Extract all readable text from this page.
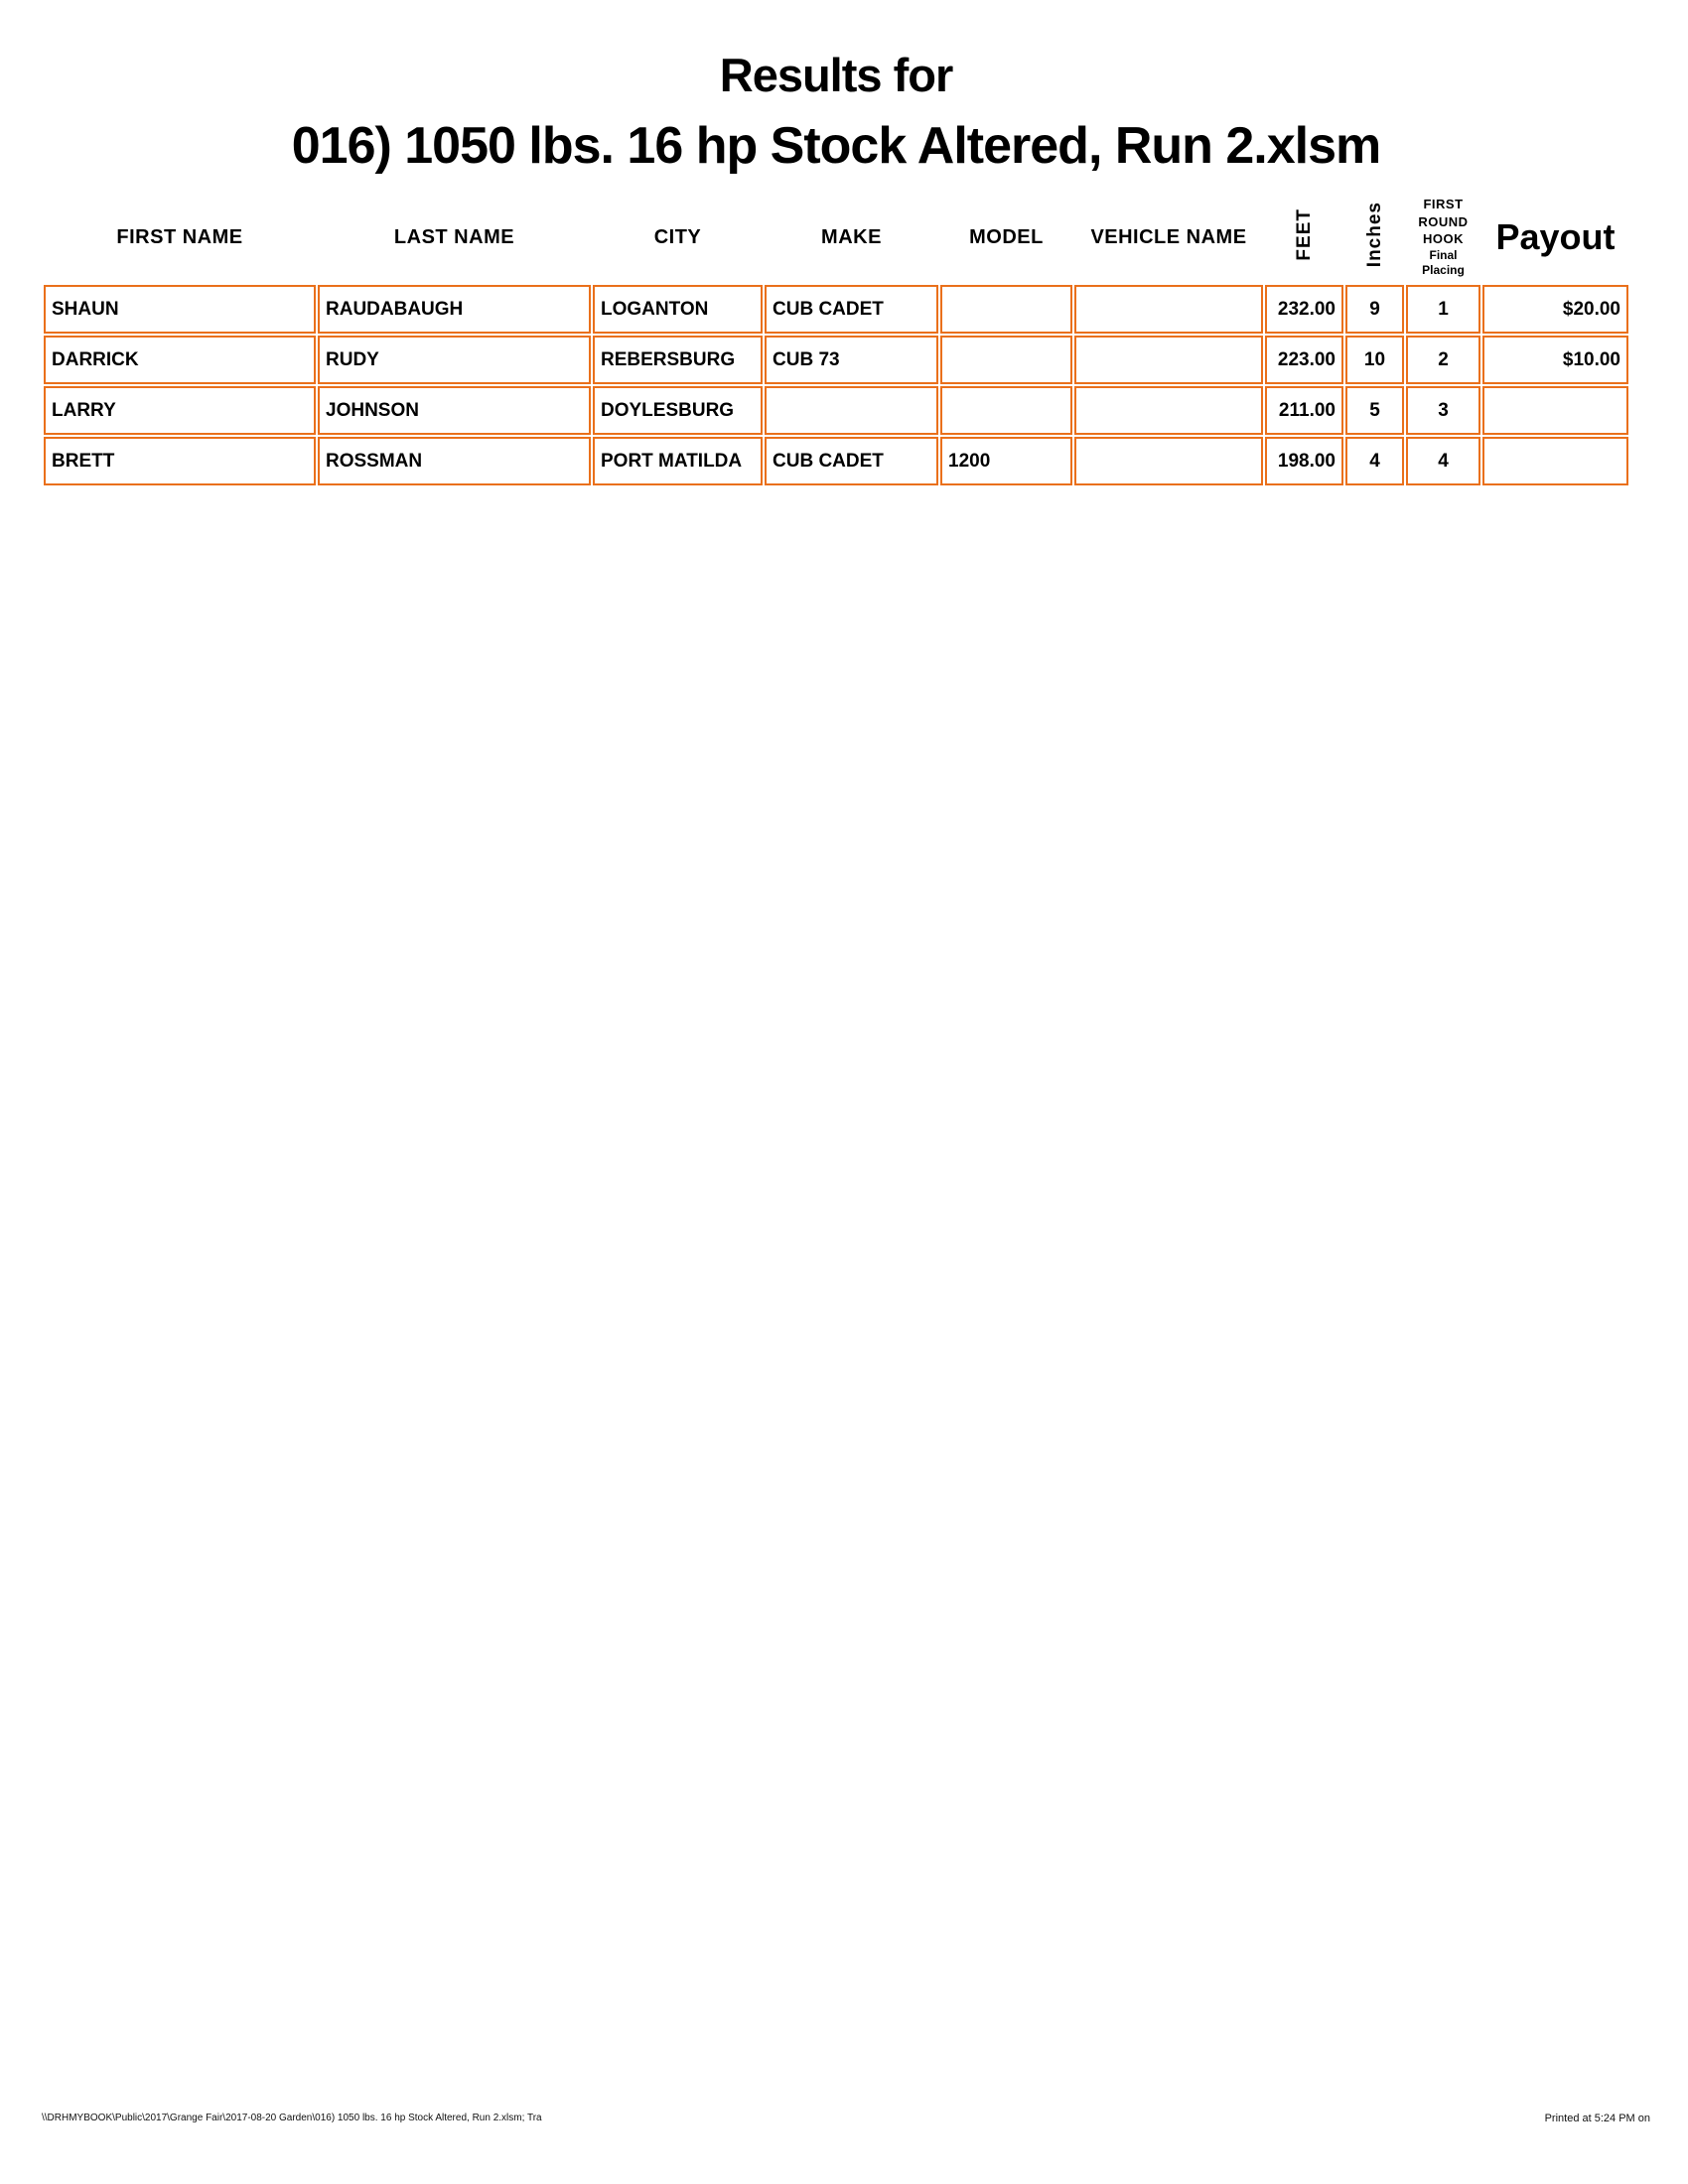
Results for
016) 1050 lbs. 16 hp Stock Altered, Run 2.xlsm
FIRST NAME	LAST NAME	CITY	MAKE	MODEL	VEHICLE NAME	FEET	Inches	FIRST
ROUND
HOOK
Final
Placing	Payout
SHAUN	RAUDABAUGH	LOGANTON	CUB CADET			232.00	9	1	$20.00
DARRICK	RUDY	REBERSBURG	CUB 73			223.00	10	2	$10.00
LARRY	JOHNSON	DOYLESBURG				211.00	5	3	
BRETT	ROSSMAN	PORT MATILDA	CUB CADET	1200		198.00	4	4	
\\DRHMYBOOK\Public\2017\Grange Fair\2017-08-20 Garden\016) 1050 lbs. 16 hp Stock Altered, Run 2.xlsm; Tra	Printed at 5:24 PM on
